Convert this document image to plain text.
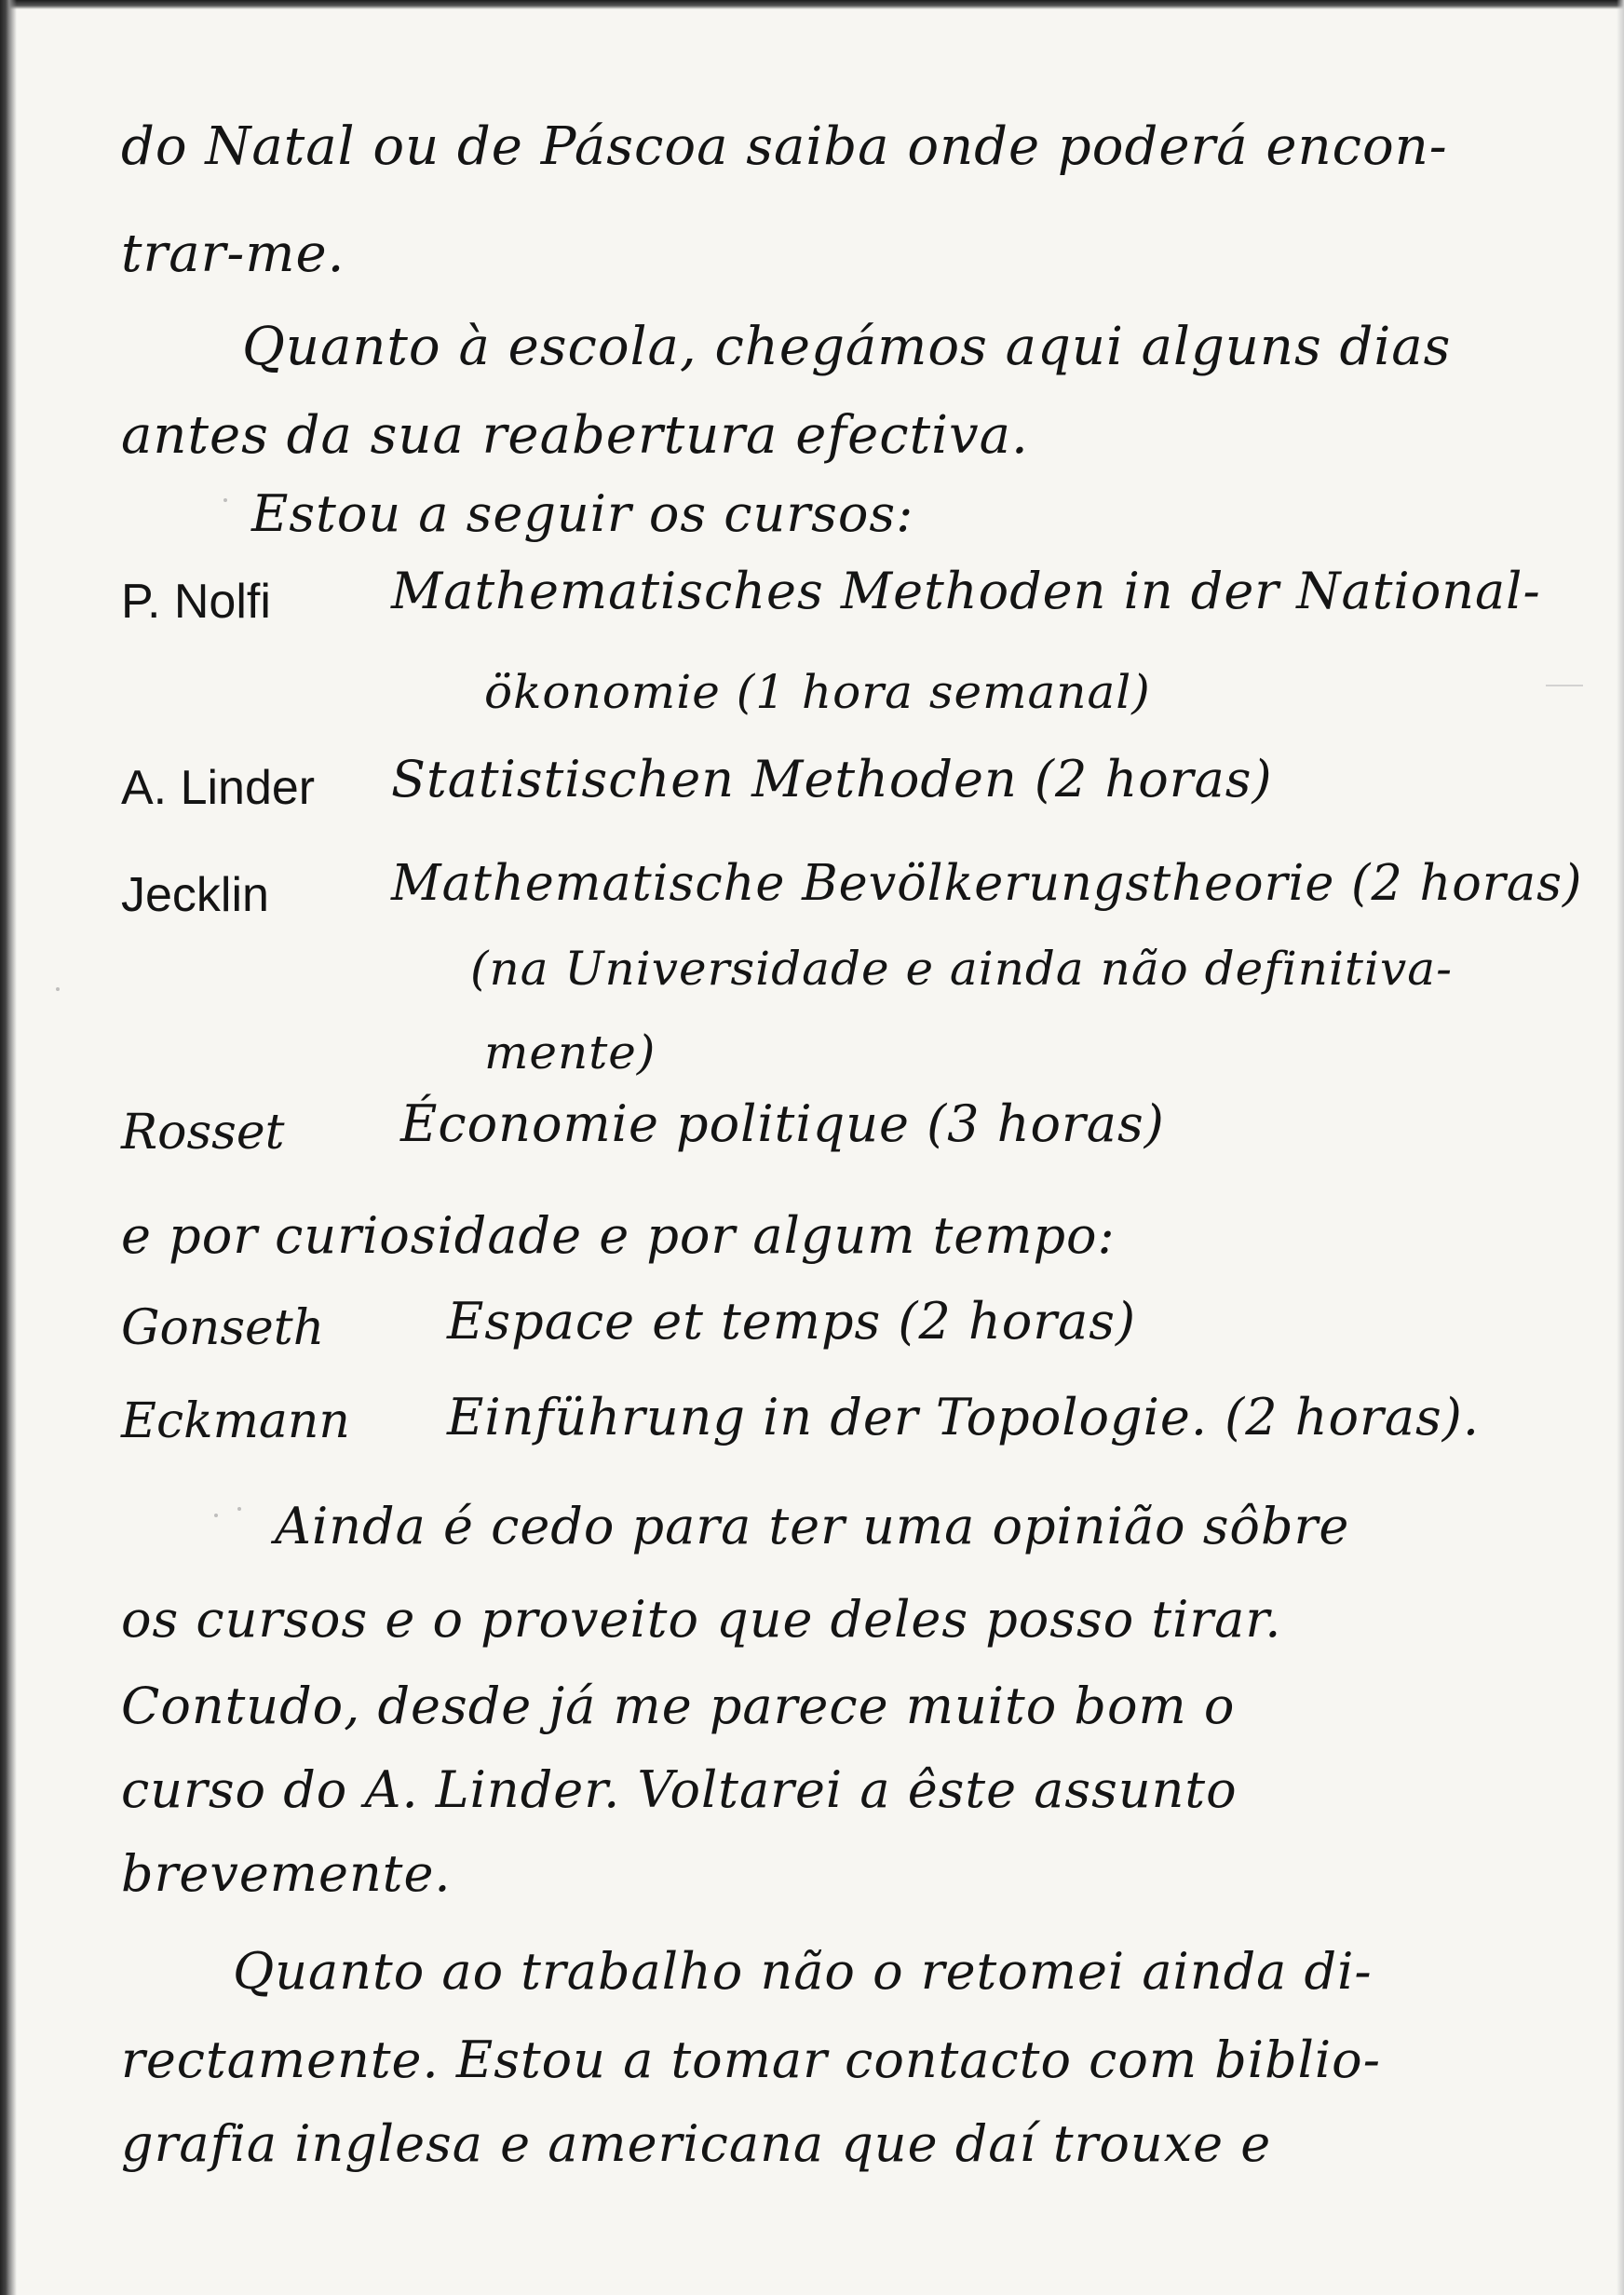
do Natal ou de Páscoa saiba onde poderá encon-
trar-me.
Quanto à escola, chegámos aqui alguns dias
antes da sua reabertura efectiva.
Estou a seguir os cursos:
P. Nolfi Mathematisches Methoden in der National-
ökonomie (1 hora semanal)
A. Linder Statistischen Methoden (2 horas)
Jecklin Mathematische Bevölkerungstheorie (2 horas)
(na Universidade e ainda não definitiva-
mente)
Rosset Économie politique (3 horas)
e por curiosidade e por algum tempo:
Gonseth Espace et temps (2 horas)
Eckmann Einführung in der Topologie. (2 horas).
Ainda é cedo para ter uma opinião sôbre
os cursos e o proveito que deles posso tirar.
Contudo, desde já me parece muito bom o
curso do A. Linder. Voltarei a êste assunto
brevemente.
Quanto ao trabalho não o retomei ainda di-
rectamente. Estou a tomar contacto com biblio-
grafia inglesa e americana que daí trouxe e
